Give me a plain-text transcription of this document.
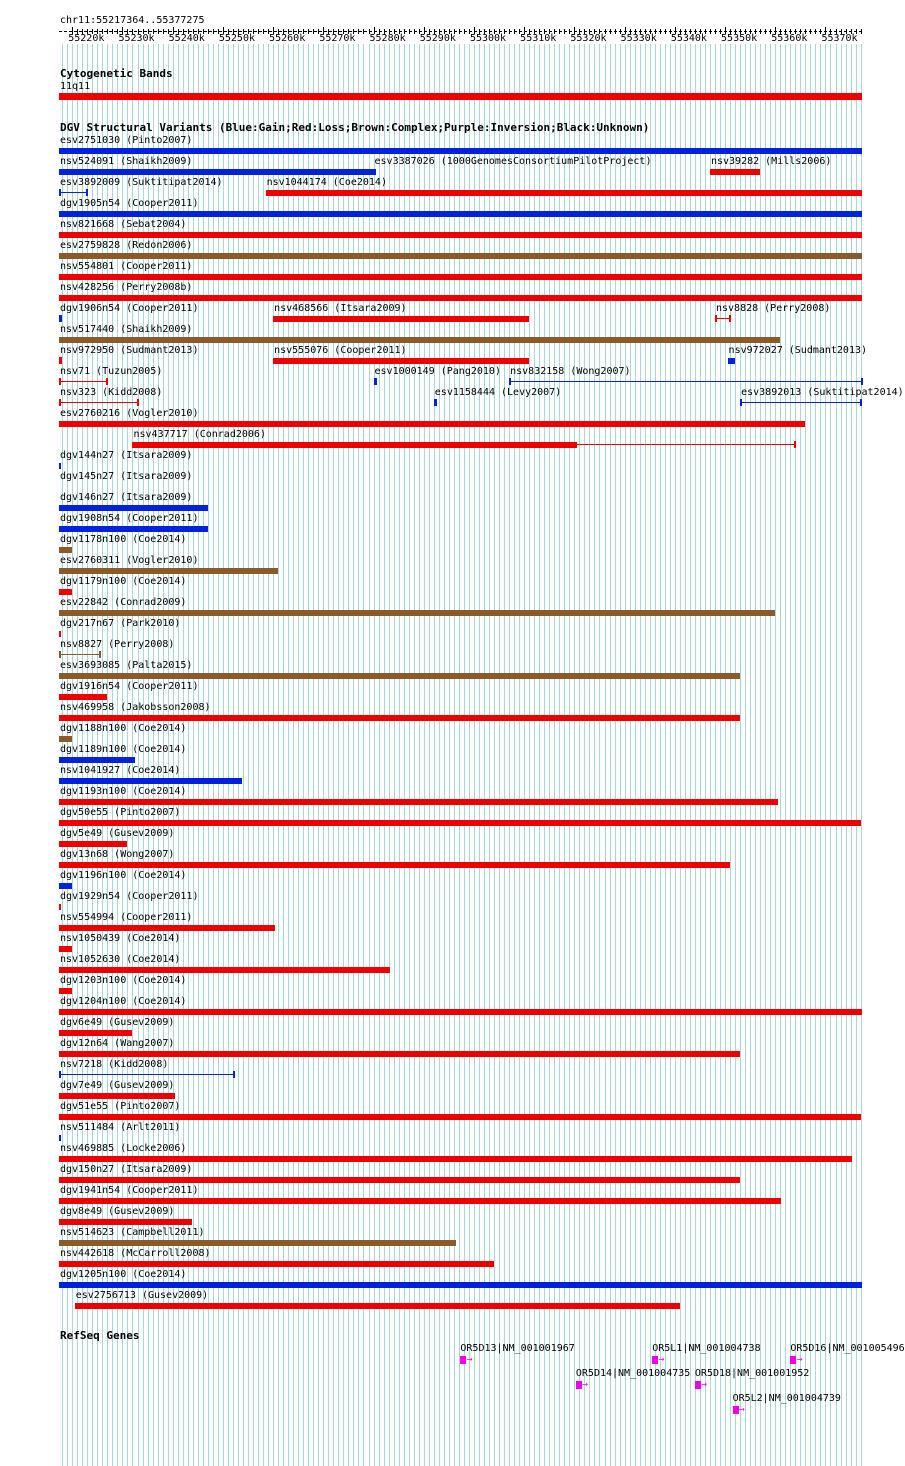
chr11:55217364..55377275
55220k 55230k 55240k 55250k 55260k 55270k 55280k 55290k 55300k 55310k 55320k 55330k 55340k 55350k 55360k 55370k
Cytogenetic Bands
11q11
DGV Structural Variants (Blue:Gain;Red:Loss;Brown:Complex;Purple:Inversion;Black:Unknown)
esv2751030 (Pinto2007)
nsv524091 (Shaikh2009)	esv3387026 (1000GenomesConsortiumPilotProject)	nsv39282 (Mills2006)
esv3892009 (Suktitipat2014)	nsv1044174 (Coe2014)
dgv1905n54 (Cooper2011)
nsv821668 (Sebat2004)
esv2759828 (Redon2006)
nsv554801 (Cooper2011)
nsv428256 (Perry2008b)
dgv1906n54 (Cooper2011)	nsv468566 (Itsara2009)	nsv8828 (Perry2008)
nsv517440 (Shaikh2009)
nsv972950 (Sudmant2013)	nsv555076 (Cooper2011)	nsv972027 (Sudmant2013)
nsv71 (Tuzun2005)	esv1000149 (Pang2010) nsv832158 (Wong2007)
nsv323 (Kidd2008)	esv1158444 (Levy2007)	esv3892013 (Suktitipat2014)
esv2760216 (Vogler2010)
nsv437717 (Conrad2006)
dgv144n27 (Itsara2009)
dgv145n27 (Itsara2009)
dgv146n27 (Itsara2009)
dgv1908n54 (Cooper2011)
dgv1178n100 (Coe2014)
esv2760311 (Vogler2010)
dgv1179n100 (Coe2014)
esv22842 (Conrad2009)
dgv217n67 (Park2010)
nsv8827 (Perry2008)
esv3693085 (Palta2015)
dgv1916n54 (Cooper2011)
nsv469958 (Jakobsson2008)
dgv1188n100 (Coe2014)
dgv1189n100 (Coe2014)
nsv1041927 (Coe2014)
dgv1193n100 (Coe2014)
dgv50e55 (Pinto2007)
dgv5e49 (Gusev2009)
dgv13n68 (Wong2007)
dgv1196n100 (Coe2014)
dgv1929n54 (Cooper2011)
nsv554994 (Cooper2011)
nsv1050439 (Coe2014)
nsv1052630 (Coe2014)
dgv1203n100 (Coe2014)
dgv1204n100 (Coe2014)
dgv6e49 (Gusev2009)
dgv12n64 (Wang2007)
nsv7218 (Kidd2008)
dgv7e49 (Gusev2009)
dgv51e55 (Pinto2007)
nsv511484 (Arlt2011)
nsv469885 (Locke2006)
dgv150n27 (Itsara2009)
dgv1941n54 (Cooper2011)
dgv8e49 (Gusev2009)
nsv514623 (Campbell2011)
nsv442618 (McCarroll2008)
dgv1205n100 (Coe2014)
esv2756713 (Gusev2009)
RefSeq Genes
OR5D13|NM_001001967
→
OR5L1|NM_001004738
→
OR5D16|NM_001005496
→
OR5D14|NM_001004735
→
OR5D18|NM_001001952
→
OR5L2|NM_001004739
→
